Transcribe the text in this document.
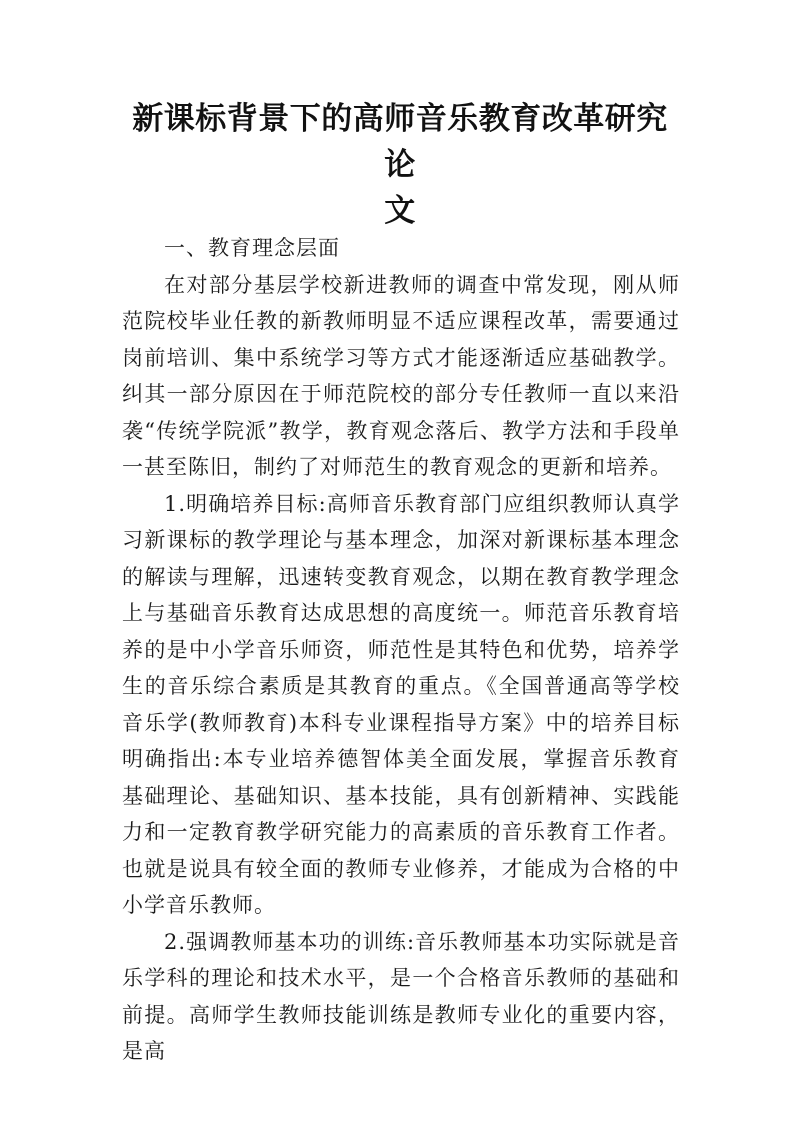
新课标背景下的高师音乐教育改革研究论
文

一、教育理念层面

在对部分基层学校新进教师的调查中常发现，刚从师范院校毕业任教的新教师明显不适应课程改革，需要通过岗前培训、集中系统学习等方式才能逐渐适应基础教学。纠其一部分原因在于师范院校的部分专任教师一直以来沿袭“传统学院派”教学，教育观念落后、教学方法和手段单一甚至陈旧，制约了对师范生的教育观念的更新和培养。

1.明确培养目标:高师音乐教育部门应组织教师认真学习新课标的教学理论与基本理念，加深对新课标基本理念的解读与理解，迅速转变教育观念，以期在教育教学理念上与基础音乐教育达成思想的高度统一。师范音乐教育培养的是中小学音乐师资，师范性是其特色和优势，培养学生的音乐综合素质是其教育的重点。《全国普通高等学校音乐学(教师教育)本科专业课程指导方案》中的培养目标明确指出:本专业培养德智体美全面发展，掌握音乐教育基础理论、基础知识、基本技能，具有创新精神、实践能力和一定教育教学研究能力的高素质的音乐教育工作者。也就是说具有较全面的教师专业修养，才能成为合格的中小学音乐教师。

2.强调教师基本功的训练:音乐教师基本功实际就是音乐学科的理论和技术水平，是一个合格音乐教师的基础和前提。高师学生教师技能训练是教师专业化的重要内容，是高
